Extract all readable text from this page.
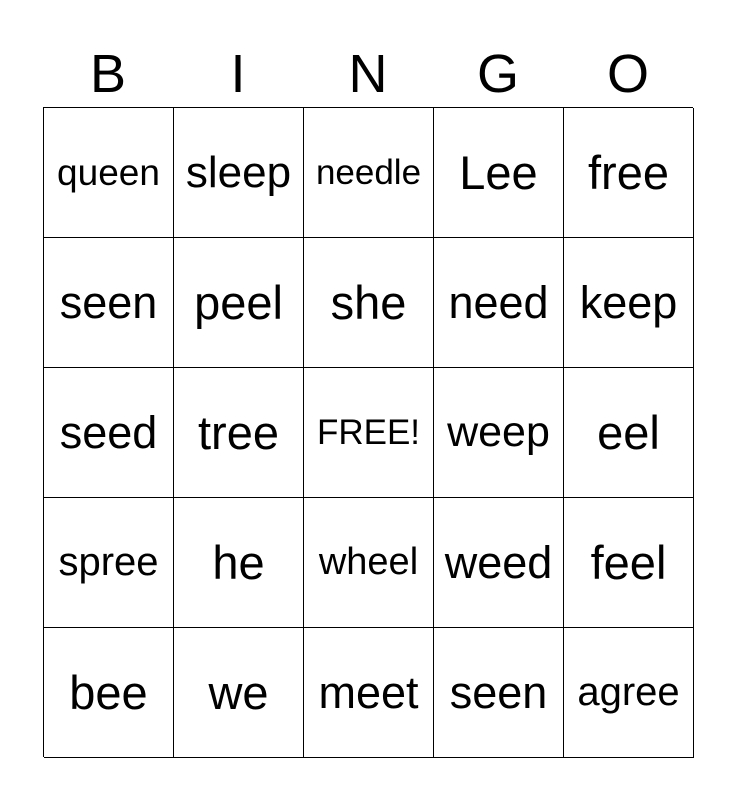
B	I	N	G	O
queen sleep needle Lee free
seen peel she need keep
seed tree FREE! weep eel
spree he wheel weed feel
bee we meet seen agree
